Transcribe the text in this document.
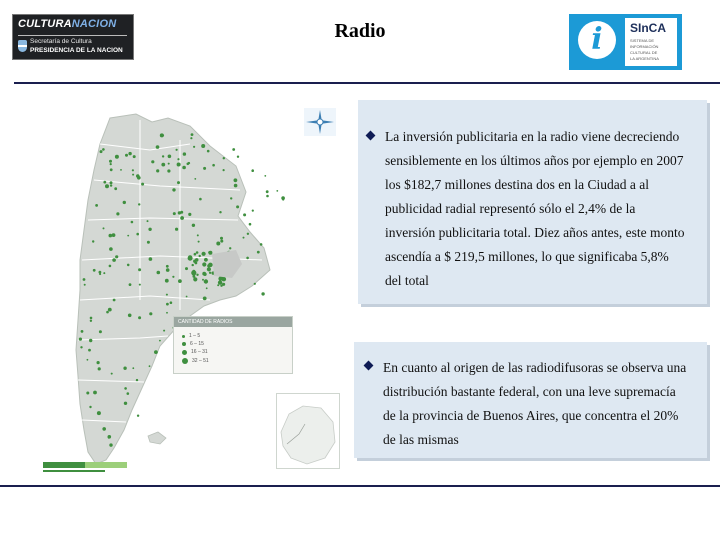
CULTURANACION
Secretaría de Cultura
PRESIDENCIA DE LA NACION
Radio	i	SInCA
SISTEMA DE
INFORMACIÓN
CULTURAL DE
LA ARGENTINA
CANTIDAD DE RADIOS
1 – 5
6 – 15
16 – 31
32 – 51

La inversión publicitaria en la radio viene decreciendo
sensiblemente en los últimos años por ejemplo en 2007
los $182,7 millones destina dos en la Ciudad a al
publicidad radial representó sólo el 2,4% de la
inversión publicitaria total. Diez años antes, este monto
ascendía a $ 219,5 millones, lo que significaba 5,8%
del total

En cuanto al origen de las radiodifusoras se observa una
distribución bastante federal, con una leve supremacía
de la provincia de Buenos Aires, que concentra el 20%
de las mismas
